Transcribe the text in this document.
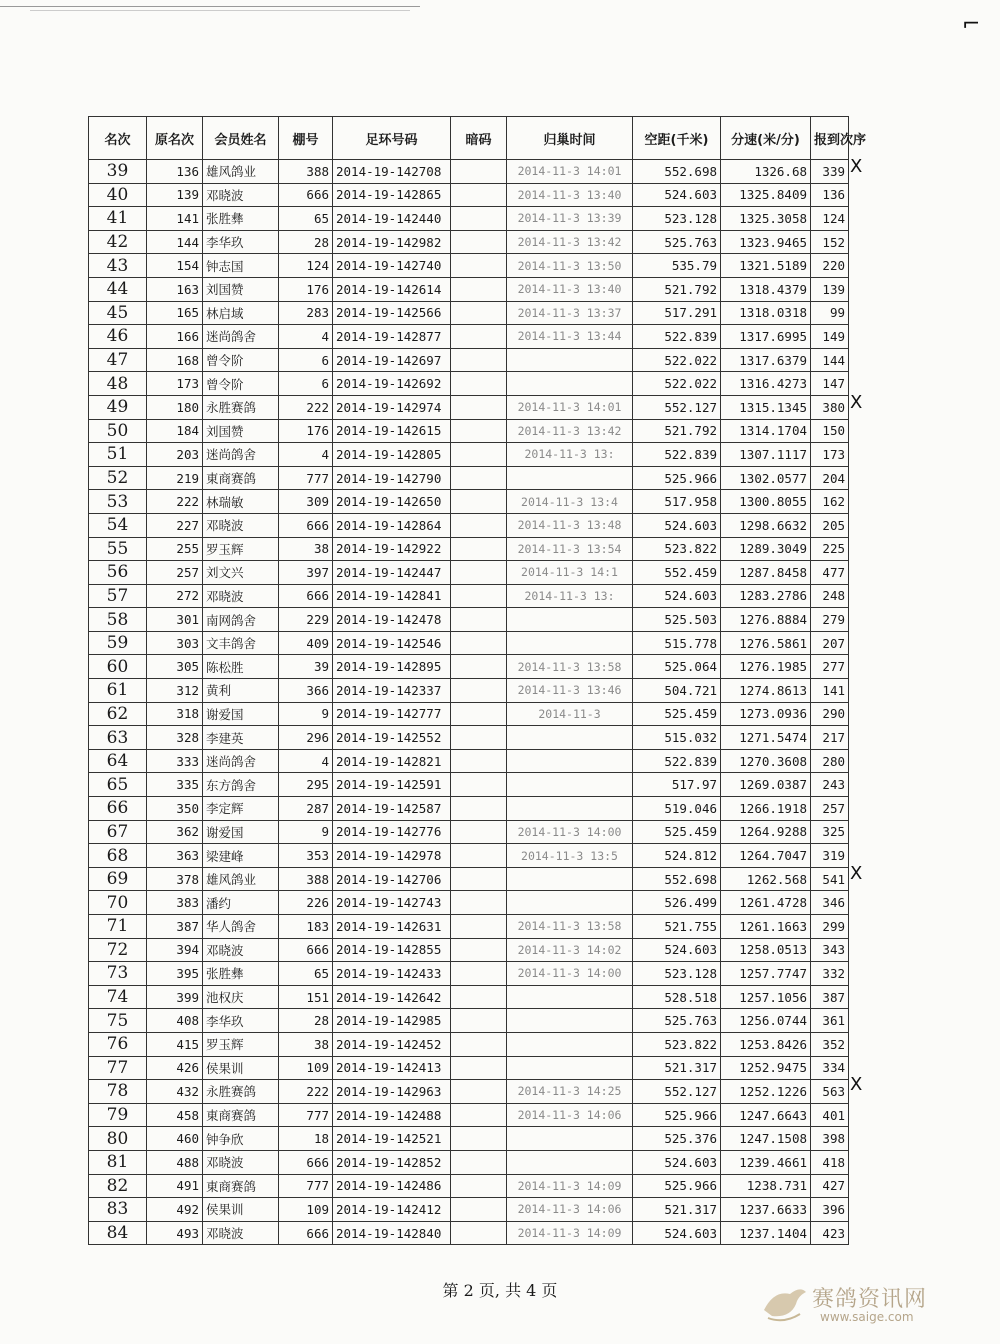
⌐
名次	原名次	会员姓名	棚号	足环号码	暗码	归巢时间	空距(千米)	分速(米/分)	报到次序
39	136	雄风鸽业	388	2014-19-142708		2014-11-3 14:01	552.698	1326.68	339
40	139	邓晓波	666	2014-19-142865		2014-11-3 13:40	524.603	1325.8409	136
41	141	张胜彝	65	2014-19-142440		2014-11-3 13:39	523.128	1325.3058	124
42	144	李华玖	28	2014-19-142982		2014-11-3 13:42	525.763	1323.9465	152
43	154	钟志国	124	2014-19-142740		2014-11-3 13:50	535.79	1321.5189	220
44	163	刘国赞	176	2014-19-142614		2014-11-3 13:40	521.792	1318.4379	139
45	165	林启域	283	2014-19-142566		2014-11-3 13:37	517.291	1318.0318	99
46	166	迷尚鸽舍	4	2014-19-142877		2014-11-3 13:44	522.839	1317.6995	149
47	168	曾令阶	6	2014-19-142697			522.022	1317.6379	144
48	173	曾令阶	6	2014-19-142692			522.022	1316.4273	147
49	180	永胜赛鸽	222	2014-19-142974		2014-11-3 14:01	552.127	1315.1345	380
50	184	刘国赞	176	2014-19-142615		2014-11-3 13:42	521.792	1314.1704	150
51	203	迷尚鸽舍	4	2014-19-142805		2014-11-3 13:	522.839	1307.1117	173
52	219	東商赛鸽	777	2014-19-142790			525.966	1302.0577	204
53	222	林瑞敏	309	2014-19-142650		2014-11-3 13:4	517.958	1300.8055	162
54	227	邓晓波	666	2014-19-142864		2014-11-3 13:48	524.603	1298.6632	205
55	255	罗玉辉	38	2014-19-142922		2014-11-3 13:54	523.822	1289.3049	225
56	257	刘文兴	397	2014-19-142447		2014-11-3 14:1	552.459	1287.8458	477
57	272	邓晓波	666	2014-19-142841		2014-11-3 13:	524.603	1283.2786	248
58	301	南网鸽舍	229	2014-19-142478			525.503	1276.8884	279
59	303	文丰鸽舍	409	2014-19-142546			515.778	1276.5861	207
60	305	陈松胜	39	2014-19-142895		2014-11-3 13:58	525.064	1276.1985	277
61	312	黄利	366	2014-19-142337		2014-11-3 13:46	504.721	1274.8613	141
62	318	谢爱国	9	2014-19-142777		2014-11-3	525.459	1273.0936	290
63	328	李建英	296	2014-19-142552			515.032	1271.5474	217
64	333	迷尚鸽舍	4	2014-19-142821			522.839	1270.3608	280
65	335	东方鸽舍	295	2014-19-142591			517.97	1269.0387	243
66	350	李定辉	287	2014-19-142587			519.046	1266.1918	257
67	362	谢爱国	9	2014-19-142776		2014-11-3 14:00	525.459	1264.9288	325
68	363	梁建峰	353	2014-19-142978		2014-11-3 13:5	524.812	1264.7047	319
69	378	雄风鸽业	388	2014-19-142706			552.698	1262.568	541
70	383	潘约	226	2014-19-142743			526.499	1261.4728	346
71	387	华人鸽舍	183	2014-19-142631		2014-11-3 13:58	521.755	1261.1663	299
72	394	邓晓波	666	2014-19-142855		2014-11-3 14:02	524.603	1258.0513	343
73	395	张胜彝	65	2014-19-142433		2014-11-3 14:00	523.128	1257.7747	332
74	399	池权庆	151	2014-19-142642			528.518	1257.1056	387
75	408	李华玖	28	2014-19-142985			525.763	1256.0744	361
76	415	罗玉辉	38	2014-19-142452			523.822	1253.8426	352
77	426	侯果训	109	2014-19-142413			521.317	1252.9475	334
78	432	永胜赛鸽	222	2014-19-142963		2014-11-3 14:25	552.127	1252.1226	563
79	458	東商赛鸽	777	2014-19-142488		2014-11-3 14:06	525.966	1247.6643	401
80	460	钟争欣	18	2014-19-142521			525.376	1247.1508	398
81	488	邓晓波	666	2014-19-142852			524.603	1239.4661	418
82	491	東商赛鸽	777	2014-19-142486		2014-11-3 14:09	525.966	1238.731	427
83	492	侯果训	109	2014-19-142412		2014-11-3 14:06	521.317	1237.6633	396
84	493	邓晓波	666	2014-19-142840		2014-11-3 14:09	524.603	1237.1404	423
X
X
X
X
第 2 页, 共 4 页	赛鸽资讯网
www.saige.com
